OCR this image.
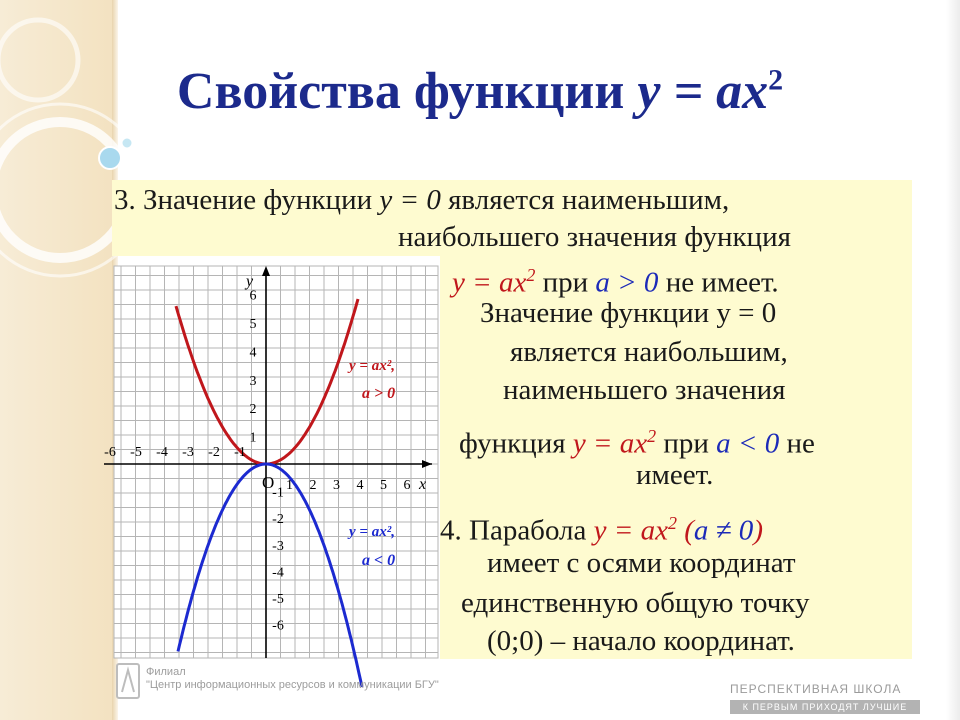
Свойства функции $y = ax^2$
3. Значение функции y = 0 является наименьшим,
наибольшего значения функция
$y = ax^2$ при a > 0 не имеет.
Значение функции у = 0
является наибольшим,
наименьшего значения
функция $y = ax^2$ при a < 0 не
имеет.
4. Парабола $y = ax^2$ (a ≠ 0)
имеет с осями координат
единственную общую точку
(0;0) – начало координат.
-6 -5 -4 -3 -2 -1
1 2 3 4 5 6
1
2
3
4
5
6
-1
-2
-3
-4
-5
-6
y
x
O
y = ax²,
a > 0
y = ax²,
a < 0
Филиал
"Центр информационных ресурсов и коммуникации БГУ"	ПЕРСПЕКТИВНАЯ ШКОЛА
К ПЕРВЫМ ПРИХОДЯТ ЛУЧШИЕ
